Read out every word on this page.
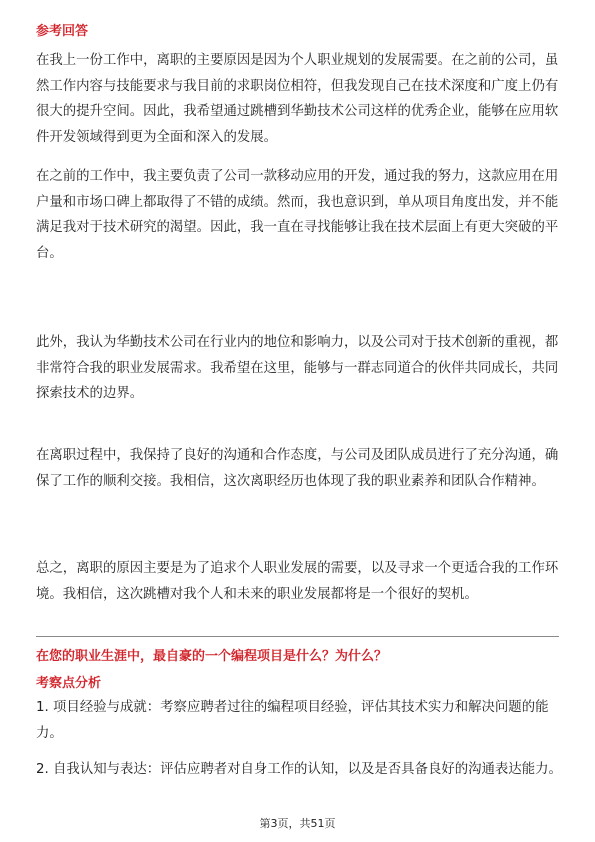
参考回答

在我上一份工作中，离职的主要原因是因为个人职业规划的发展需要。在之前的公司，虽然工作内容与技能要求与我目前的求职岗位相符，但我发现自己在技术深度和广度上仍有很大的提升空间。因此，我希望通过跳槽到华勤技术公司这样的优秀企业，能够在应用软件开发领域得到更为全面和深入的发展。

在之前的工作中，我主要负责了公司一款移动应用的开发，通过我的努力，这款应用在用户量和市场口碑上都取得了不错的成绩。然而，我也意识到，单从项目角度出发，并不能满足我对于技术研究的渴望。因此，我一直在寻找能够让我在技术层面上有更大突破的平台。

此外，我认为华勤技术公司在行业内的地位和影响力，以及公司对于技术创新的重视，都非常符合我的职业发展需求。我希望在这里，能够与一群志同道合的伙伴共同成长，共同探索技术的边界。

在离职过程中，我保持了良好的沟通和合作态度，与公司及团队成员进行了充分沟通，确保了工作的顺利交接。我相信，这次离职经历也体现了我的职业素养和团队合作精神。

总之，离职的原因主要是为了追求个人职业发展的需要，以及寻求一个更适合我的工作环境。我相信，这次跳槽对我个人和未来的职业发展都将是一个很好的契机。

在您的职业生涯中，最自豪的一个编程项目是什么？为什么？
考察点分析

1. 项目经验与成就：考察应聘者过往的编程项目经验，评估其技术实力和解决问题的能力。

2. 自我认知与表达：评估应聘者对自身工作的认知，以及是否具备良好的沟通表达能力。

第3页，共51页
